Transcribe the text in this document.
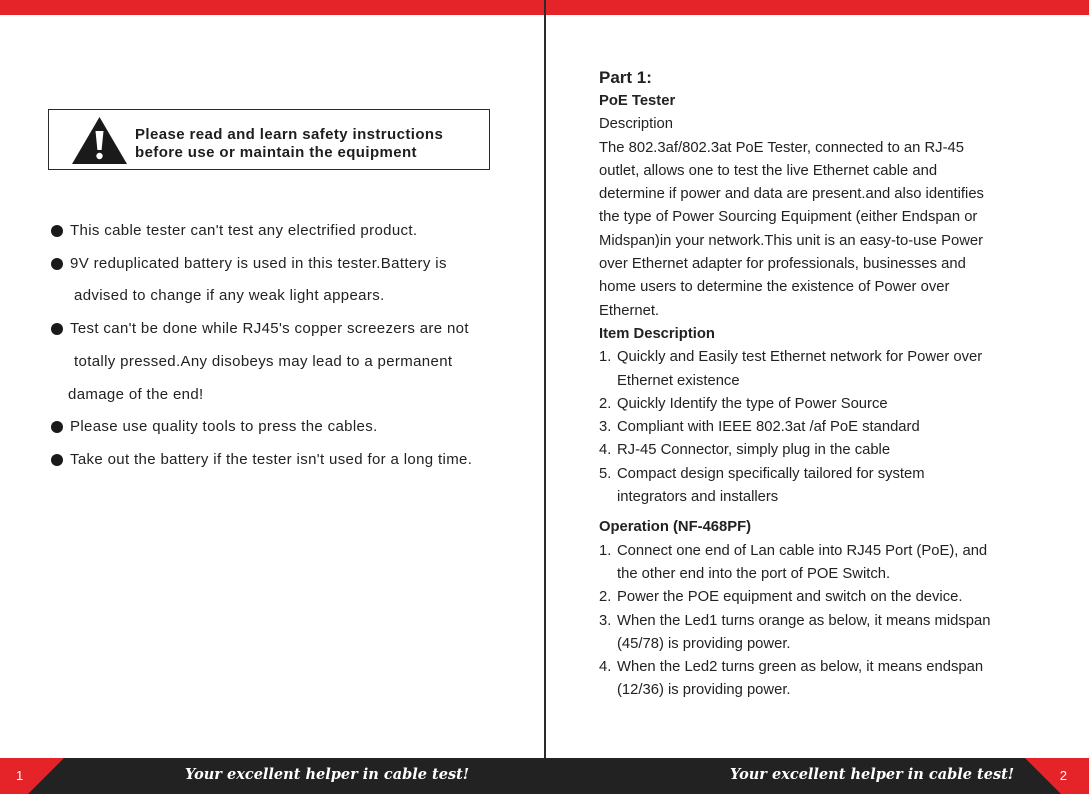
Please read and learn safety instructions
before use or maintain the equipment
This cable tester can't test any electrified product.
9V reduplicated battery is used in this tester.Battery is
advised to change if any weak light appears.
Test can't be done while RJ45's copper screezers are not
totally pressed.Any disobeys may lead to a permanent
damage of the end!
Please use quality tools to press the cables.
Take out the battery if the tester isn't used for a long time.
Part 1:
PoE Tester
Description
The 802.3af/802.3at PoE Tester, connected to an RJ-45
outlet, allows one to test the live Ethernet cable and
determine if power and data are present.and also identifies
the type of Power Sourcing Equipment (either Endspan or
Midspan)in your network.This unit is an easy-to-use Power
over Ethernet adapter for professionals, businesses and
home users to determine the existence of Power over
Ethernet.
Item Description
1. Quickly and Easily test Ethernet network for Power over
Ethernet existence
2. Quickly Identify the type of Power Source
3. Compliant with IEEE 802.3at /af PoE standard
4. RJ-45 Connector, simply plug in the cable
5. Compact design specifically tailored for system
integrators and installers
Operation (NF-468PF)
1. Connect one end of Lan cable into RJ45 Port (PoE), and
the other end into the port of POE Switch.
2. Power the POE equipment and switch on the device.
3. When the Led1 turns orange as below, it means midspan
(45/78) is providing power.
4. When the Led2 turns green as below, it means endspan
(12/36) is providing power.
1	Your excellent helper in cable test!	Your excellent helper in cable test!	2
